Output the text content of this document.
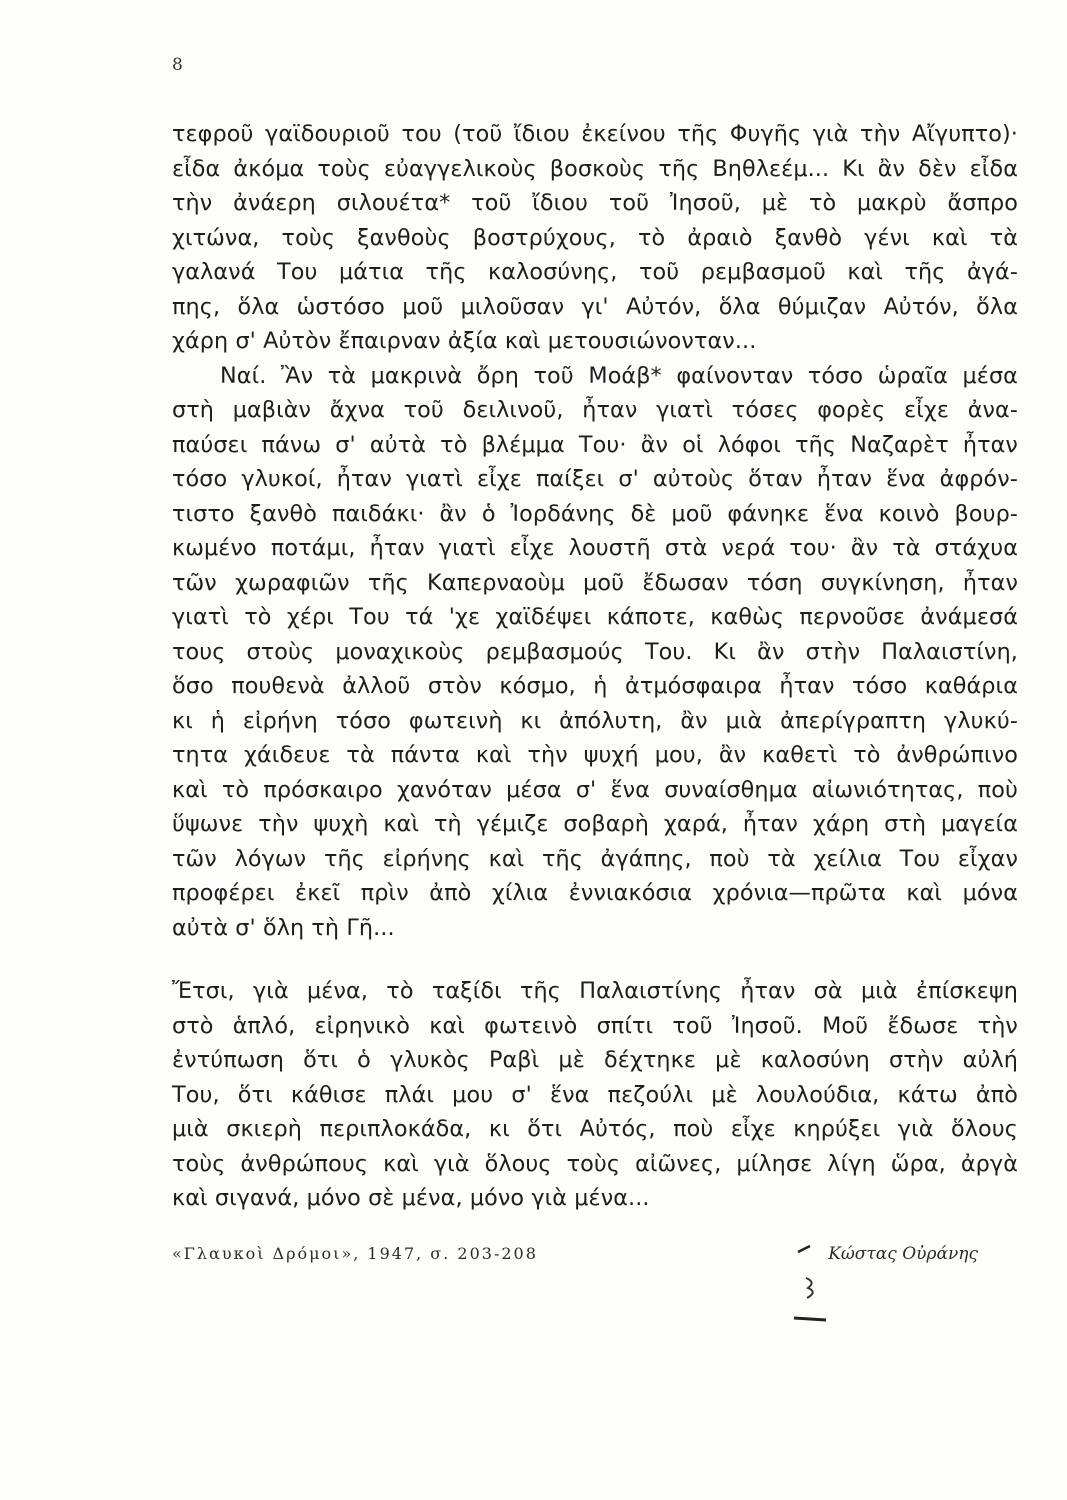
8
τεφροῦ γαϊδουριοῦ του (τοῦ ἴδιου ἐκείνου τῆς Φυγῆς γιὰ τὴν Αἴγυπτο)·
εἶδα ἀκόμα τοὺς εὐαγγελικοὺς βοσκοὺς τῆς Βηθλεέμ... Κι ἂν δὲν εἶδα
τὴν ἀνάερη σιλουέτα* τοῦ ἴδιου τοῦ Ἰησοῦ, μὲ τὸ μακρὺ ἄσπρο
χιτώνα, τοὺς ξανθοὺς βοστρύχους, τὸ ἀραιὸ ξανθὸ γένι καὶ τὰ
γαλανά Του μάτια τῆς καλοσύνης, τοῦ ρεμβασμοῦ καὶ τῆς ἀγά-
πης, ὅλα ὡστόσο μοῦ μιλοῦσαν γι' Αὐτόν, ὅλα θύμιζαν Αὐτόν, ὅλα
χάρη σ' Αὐτὸν ἔπαιρναν ἀξία καὶ μετουσιώνονταν...
Ναί. Ἂν τὰ μακρινὰ ὄρη τοῦ Μοάβ* φαίνονταν τόσο ὡραῖα μέσα
στὴ μαβιὰν ἄχνα τοῦ δειλινοῦ, ἦταν γιατὶ τόσες φορὲς εἶχε ἀνα-
παύσει πάνω σ' αὐτὰ τὸ βλέμμα Του· ἂν οἱ λόφοι τῆς Ναζαρὲτ ἦταν
τόσο γλυκοί, ἦταν γιατὶ εἶχε παίξει σ' αὐτοὺς ὅταν ἦταν ἕνα ἀφρόν-
τιστο ξανθὸ παιδάκι· ἂν ὁ Ἰορδάνης δὲ μοῦ φάνηκε ἕνα κοινὸ βουρ-
κωμένο ποτάμι, ἦταν γιατὶ εἶχε λουστῆ στὰ νερά του· ἂν τὰ στάχυα
τῶν χωραφιῶν τῆς Καπερναοὺμ μοῦ ἔδωσαν τόση συγκίνηση, ἦταν
γιατὶ τὸ χέρι Του τά 'χε χαϊδέψει κάποτε, καθὼς περνοῦσε ἀνάμεσά
τους στοὺς μοναχικοὺς ρεμβασμούς Του. Κι ἂν στὴν Παλαιστίνη,
ὅσο πουθενὰ ἀλλοῦ στὸν κόσμο, ἡ ἀτμόσφαιρα ἦταν τόσο καθάρια
κι ἡ εἰρήνη τόσο φωτεινὴ κι ἀπόλυτη, ἂν μιὰ ἀπερίγραπτη γλυκύ-
τητα χάιδευε τὰ πάντα καὶ τὴν ψυχή μου, ἂν καθετὶ τὸ ἀνθρώπινο
καὶ τὸ πρόσκαιρο χανόταν μέσα σ' ἕνα συναίσθημα αἰωνιότητας, ποὺ
ὕψωνε τὴν ψυχὴ καὶ τὴ γέμιζε σοβαρὴ χαρά, ἦταν χάρη στὴ μαγεία
τῶν λόγων τῆς εἰρήνης καὶ τῆς ἀγάπης, ποὺ τὰ χείλια Του εἶχαν
προφέρει ἐκεῖ πρὶν ἀπὸ χίλια ἐννιακόσια χρόνια—πρῶτα καὶ μόνα
αὐτὰ σ' ὅλη τὴ Γῆ...
Ἔτσι, γιὰ μένα, τὸ ταξίδι τῆς Παλαιστίνης ἦταν σὰ μιὰ ἐπίσκεψη
στὸ ἁπλό, εἰρηνικὸ καὶ φωτεινὸ σπίτι τοῦ Ἰησοῦ. Μοῦ ἔδωσε τὴν
ἐντύπωση ὅτι ὁ γλυκὸς Ραβὶ μὲ δέχτηκε μὲ καλοσύνη στὴν αὐλή
Του, ὅτι κάθισε πλάι μου σ' ἕνα πεζούλι μὲ λουλούδια, κάτω ἀπὸ
μιὰ σκιερὴ περιπλοκάδα, κι ὅτι Αὐτός, ποὺ εἶχε κηρύξει γιὰ ὅλους
τοὺς ἀνθρώπους καὶ γιὰ ὅλους τοὺς αἰῶνες, μίλησε λίγη ὥρα, ἀργὰ
καὶ σιγανά, μόνο σὲ μένα, μόνο γιὰ μένα...
«Γλαυκοὶ Δρόμοι», 1947, σ. 203-208	Κώστας Οὐράνης
